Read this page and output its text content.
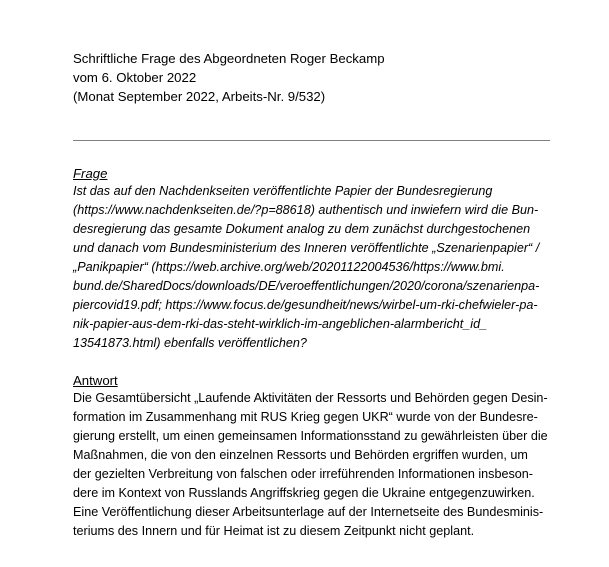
Schriftliche Frage des Abgeordneten Roger Beckamp
vom 6. Oktober 2022
(Monat September 2022, Arbeits-Nr. 9/532)
Frage
Ist das auf den Nachdenkseiten veröffentlichte Papier der Bundesregierung
(https://www.nachdenkseiten.de/?p=88618) authentisch und inwiefern wird die Bun-
desregierung das gesamte Dokument analog zu dem zunächst durchgestochenen
und danach vom Bundesministerium des Inneren veröffentlichte „Szenarienpapier“ /
„Panikpapier“ (https://web.archive.org/web/20201122004536/https://www.bmi.
bund.de/SharedDocs/downloads/DE/veroeffentlichungen/2020/corona/szenarienpa-
piercovid19.pdf; https://www.focus.de/gesundheit/news/wirbel-um-rki-chefwieler-pa-
nik-papier-aus-dem-rki-das-steht-wirklich-im-angeblichen-alarmbericht_id_
13541873.html) ebenfalls veröffentlichen?
Antwort
Die Gesamtübersicht „Laufende Aktivitäten der Ressorts und Behörden gegen Desin-
formation im Zusammenhang mit RUS Krieg gegen UKR“ wurde von der Bundesre-
gierung erstellt, um einen gemeinsamen Informationsstand zu gewährleisten über die
Maßnahmen, die von den einzelnen Ressorts und Behörden ergriffen wurden, um
der gezielten Verbreitung von falschen oder irreführenden Informationen insbeson-
dere im Kontext von Russlands Angriffskrieg gegen die Ukraine entgegenzuwirken.
Eine Veröffentlichung dieser Arbeitsunterlage auf der Internetseite des Bundesminis-
teriums des Innern und für Heimat ist zu diesem Zeitpunkt nicht geplant.
